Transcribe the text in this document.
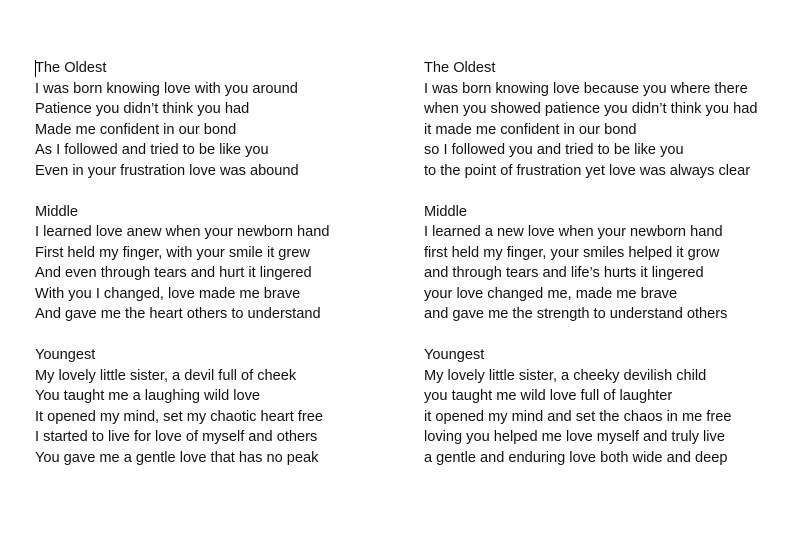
The Oldest
I was born knowing love with you around
Patience you didn’t think you had
Made me confident in our bond
As I followed and tried to be like you
Even in your frustration love was abound
Middle
I learned love anew when your newborn hand
First held my finger, with your smile it grew
And even through tears and hurt it lingered
With you I changed, love made me brave
And gave me the heart others to understand
Youngest
My lovely little sister, a devil full of cheek
You taught me a laughing wild love
It opened my mind, set my chaotic heart free
I started to live for love of myself and others
You gave me a gentle love that has no peak
The Oldest
I was born knowing love because you where there
when you showed patience you didn’t think you had
it made me confident in our bond
so I followed you and tried to be like you
to the point of frustration yet love was always clear
Middle
I learned a new love when your newborn hand
first held my finger, your smiles helped it grow
and through tears and life’s hurts it lingered
your love changed me, made me brave
and gave me the strength to understand others
Youngest
My lovely little sister, a cheeky devilish child
you taught me wild love full of laughter
it opened my mind and set the chaos in me free
loving you helped me love myself and truly live
a gentle and enduring love both wide and deep
